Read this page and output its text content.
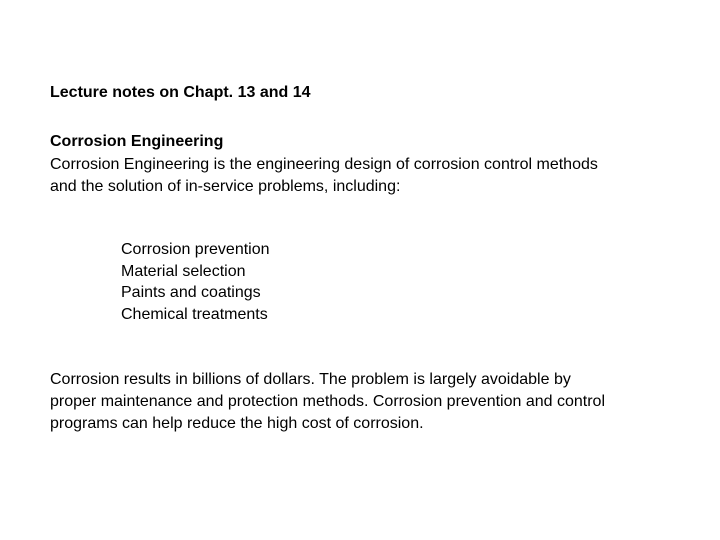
Lecture notes on Chapt. 13 and 14
Corrosion Engineering
Corrosion Engineering is the engineering design of corrosion control methods
and the solution of in-service problems, including:
Corrosion prevention
Material selection
Paints and coatings
Chemical treatments
Corrosion results in billions of dollars. The problem is largely avoidable by
proper maintenance and protection methods. Corrosion prevention and control
programs can help reduce the high cost of corrosion.
